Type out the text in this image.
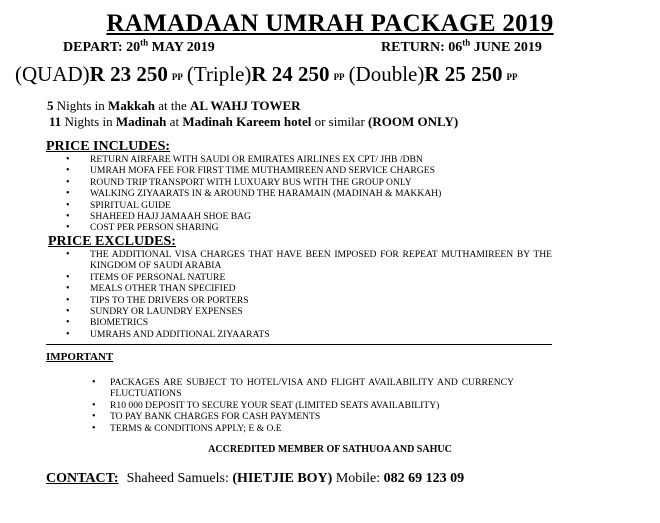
RAMADAAN UMRAH PACKAGE 2019
DEPART: 20th MAY 2019	RETURN: 06th JUNE 2019
(QUAD)R 23 250 PP (Triple)R 24 250 PP (Double)R 25 250 PP
5 Nights in Makkah at the AL WAHJ TOWER
11 Nights in Madinah at Madinah Kareem hotel or similar (ROOM ONLY)
PRICE INCLUDES:
• RETURN AIRFARE WITH SAUDI OR EMIRATES AIRLINES EX CPT/ JHB /DBN
• UMRAH MOFA FEE FOR FIRST TIME MUTHAMIREEN AND SERVICE CHARGES
• ROUND TRIP TRANSPORT WITH LUXUARY BUS WITH THE GROUP ONLY
• WALKING ZIYAARATS IN & AROUND THE HARAMAIN (MADINAH & MAKKAH)
• SPIRITUAL GUIDE
• SHAHEED HAJJ JAMAAH SHOE BAG
• COST PER PERSON SHARING
PRICE EXCLUDES:
• THE ADDITIONAL VISA CHARGES THAT HAVE BEEN IMPOSED FOR REPEAT MUTHAMIREEN BY THE KINGDOM OF SAUDI ARABIA
• ITEMS OF PERSONAL NATURE
• MEALS OTHER THAN SPECIFIED
• TIPS TO THE DRIVERS OR PORTERS
• SUNDRY OR LAUNDRY EXPENSES
• BIOMETRICS
• UMRAHS AND ADDITIONAL ZIYAARATS
IMPORTANT
• PACKAGES ARE SUBJECT TO HOTEL/VISA AND FLIGHT AVAILABILITY AND CURRENCY FLUCTUATIONS
• R10 000 DEPOSIT TO SECURE YOUR SEAT (LIMITED SEATS AVAILABILITY)
• TO PAY BANK CHARGES FOR CASH PAYMENTS
• TERMS & CONDITIONS APPLY; E & O.E
ACCREDITED MEMBER OF SATHUOA AND SAHUC
CONTACT: Shaheed Samuels: (HIETJIE BOY) Mobile: 082 69 123 09
